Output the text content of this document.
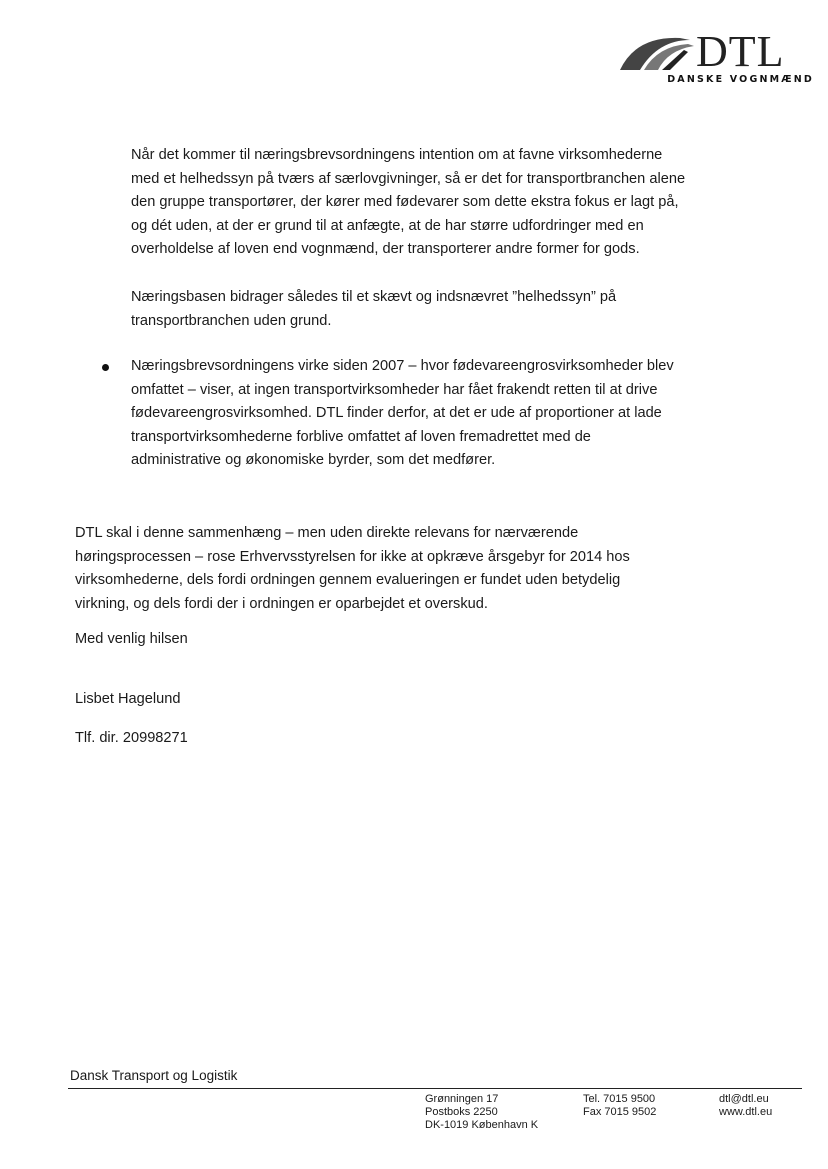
DTL
DANSKE VOGNMÆND
Når det kommer til næringsbrevsordningens intention om at favne virksomhederne
med et helhedssyn på tværs af særlovgivninger, så er det for transportbranchen alene
den gruppe transportører, der kører med fødevarer som dette ekstra fokus er lagt på,
og dét uden, at der er grund til at anfægte, at de har større udfordringer med en
overholdelse af loven end vognmænd, der transporterer andre former for gods.
Næringsbasen bidrager således til et skævt og indsnævret ”helhedssyn” på
transportbranchen uden grund.
Næringsbrevsordningens virke siden 2007 – hvor fødevareengrosvirksomheder blev
omfattet – viser, at ingen transportvirksomheder har fået frakendt retten til at drive
fødevareengrosvirksomhed. DTL finder derfor, at det er ude af proportioner at lade
transportvirksomhederne forblive omfattet af loven fremadrettet med de
administrative og økonomiske byrder, som det medfører.
DTL skal i denne sammenhæng – men uden direkte relevans for nærværende
høringsprocessen – rose Erhvervsstyrelsen for ikke at opkræve årsgebyr for 2014 hos
virksomhederne, dels fordi ordningen gennem evalueringen er fundet uden betydelig
virkning, og dels fordi der i ordningen er oparbejdet et overskud.
Med venlig hilsen
Lisbet Hagelund
Tlf. dir. 20998271
Dansk Transport og Logistik
Grønningen 17
Postboks 2250
DK-1019 København K
Tel. 7015 9500
Fax 7015 9502
dtl@dtl.eu
www.dtl.eu
